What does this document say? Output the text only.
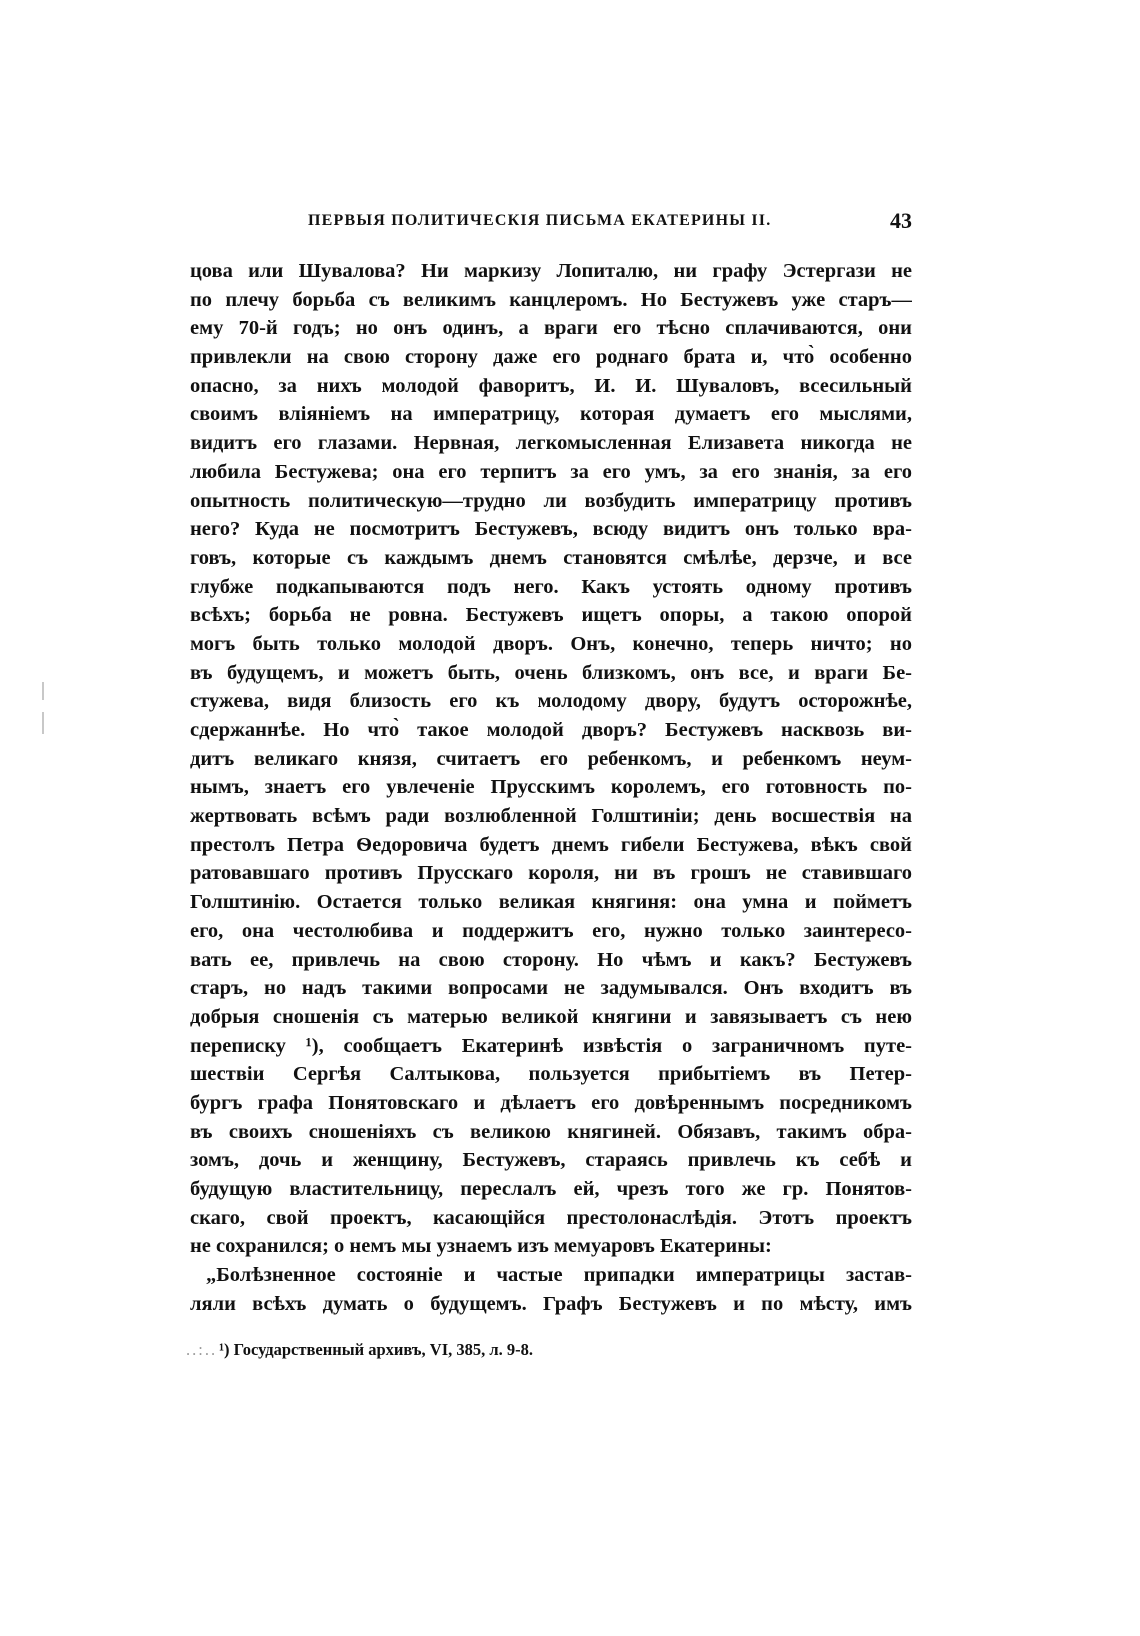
ПЕРВЫЯ ПОЛИТИЧЕСКІЯ ПИСЬМА ЕКАТЕРИНЫ II.	43
цова или Шувалова? Ни маркизу Лопиталю, ни графу Эстергази не
по плечу борьба съ великимъ канцлеромъ. Но Бестужевъ уже старъ—
ему 70-й годъ; но онъ одинъ, а враги его тѣсно сплачиваются, они
привлекли на свою сторону даже его роднаго брата и, что̀ особенно
опасно, за нихъ молодой фаворитъ, И. И. Шуваловъ, всесильный
своимъ вліяніемъ на императрицу, которая думаетъ его мыслями,
видитъ его глазами. Нервная, легкомысленная Елизавета никогда не
любила Бестужева; она его терпитъ за его умъ, за его знанія, за его
опытность политическую—трудно ли возбудить императрицу противъ
него? Куда не посмотритъ Бестужевъ, всюду видитъ онъ только вра-
говъ, которые съ каждымъ днемъ становятся смѣлѣе, дерзче, и все
глубже подкапываются подъ него. Какъ устоять одному противъ
всѣхъ; борьба не ровна. Бестужевъ ищетъ опоры, а такою опорой
могъ быть только молодой дворъ. Онъ, конечно, теперь ничто; но
въ будущемъ, и можетъ быть, очень близкомъ, онъ все, и враги Бе-
стужева, видя близость его къ молодому двору, будутъ осторожнѣе,
сдержаннѣе. Но что̀ такое молодой дворъ? Бестужевъ насквозь ви-
дитъ великаго князя, считаетъ его ребенкомъ, и ребенкомъ неум-
нымъ, знаетъ его увлеченіе Прусскимъ королемъ, его готовность по-
жертвовать всѣмъ ради возлюбленной Голштиніи; день восшествія на
престолъ Петра Ѳедоровича будетъ днемъ гибели Бестужева, вѣкъ свой
ратовавшаго противъ Прусскаго короля, ни въ грошъ не ставившаго
Голштинію. Остается только великая княгиня: она умна и пойметъ
его, она честолюбива и поддержитъ его, нужно только заинтересо-
вать ее, привлечь на свою сторону. Но чѣмъ и какъ? Бестужевъ
старъ, но надъ такими вопросами не задумывался. Онъ входитъ въ
добрыя сношенія съ матерью великой княгини и завязываетъ съ нею
переписку ¹), сообщаетъ Екатеринѣ извѣстія о заграничномъ путе-
шествіи Сергѣя Салтыкова, пользуется прибытіемъ въ Петер-
бургъ графа Понятовскаго и дѣлаетъ его довѣреннымъ посредникомъ
въ своихъ сношеніяхъ съ великою княгиней. Обязавъ, такимъ обра-
зомъ, дочь и женщину, Бестужевъ, стараясь привлечь къ себѣ и
будущую властительницу, переслалъ ей, чрезъ того же гр. Понятов-
скаго, свой проектъ, касающійся престолонаслѣдія. Этотъ проектъ
не сохранился; о немъ мы узнаемъ изъ мемуаровъ Екатерины:
„Болѣзненное состояніе и частые припадки императрицы застав-
ляли всѣхъ думать о будущемъ. Графъ Бестужевъ и по мѣсту, имъ
..:.. ¹) Государственный архивъ, VI, 385, л. 9-8.
